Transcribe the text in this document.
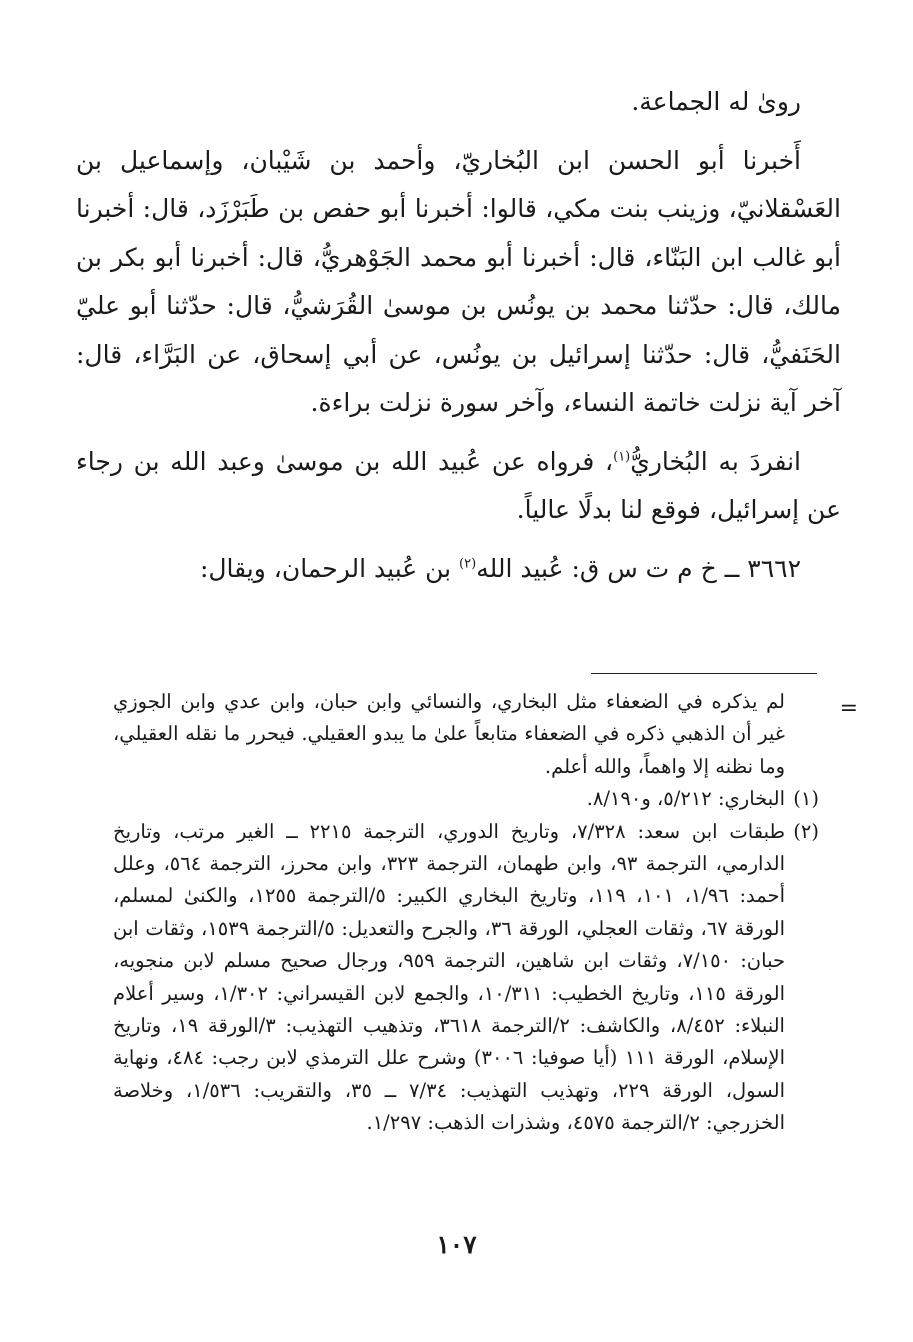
رویٰ له الجماعة.

أَخبرنا أبو الحسن ابن البُخاريّ، وأحمد بن شَيْبان، وإسماعيل بن العَسْقلانيّ، وزينب بنت مكي، قالوا: أخبرنا أبو حفص بن طَبَرْزَد، قال: أخبرنا أبو غالب ابن البَنّاء، قال: أخبرنا أبو محمد الجَوْهريُّ، قال: أخبرنا أبو بكر بن مالك، قال: حدّثنا محمد بن يونُس بن موسىٰ القُرَشيُّ، قال: حدّثنا أبو عليّ الحَنَفيُّ، قال: حدّثنا إسرائيل بن يونُس، عن أبي إسحاق، عن البَرَّاء، قال: آخر آية نزلت خاتمة النساء، وآخر سورة نزلت براءة.

انفردَ به البُخاريُّ$^{(١)}$، فرواه عن عُبيد الله بن موسىٰ وعبد الله بن رجاء عن إسرائيل، فوقع لنا بدلًا عالياً.

٣٦٦٢ ــ خ م ت س ق: عُبيد الله$^{(٢)}$ بن عُبيد الرحمان، ويقال:

=

لم يذكره في الضعفاء مثل البخاري، والنسائي وابن حبان، وابن عدي وابن الجوزي غير أن الذهبي ذكره في الضعفاء متابعاً علىٰ ما يبدو العقيلي. فيحرر ما نقله العقيلي، وما نظنه إلا واهماً، والله أعلم.

(١)
البخاري: ٥/٢١٢، و٨/١٩٠.

(٢)
طبقات ابن سعد: ٧/٣٢٨، وتاريخ الدوري، الترجمة ٢٢١٥ ــ الغير مرتب، وتاريخ الدارمي، الترجمة ٩٣، وابن طهمان، الترجمة ٣٢٣، وابن محرز، الترجمة ٥٦٤، وعلل أحمد: ١/٩٦، ١٠١، ١١٩، وتاريخ البخاري الكبير: ٥/الترجمة ١٢٥٥، والكنىٰ لمسلم، الورقة ٦٧، وثقات العجلي، الورقة ٣٦، والجرح والتعديل: ٥/الترجمة ١٥٣٩، وثقات ابن حبان: ٧/١٥٠، وثقات ابن شاهين، الترجمة ٩٥٩، ورجال صحيح مسلم لابن منجويه، الورقة ١١٥، وتاريخ الخطيب: ١٠/٣١١، والجمع لابن القيسراني: ١/٣٠٢، وسير أعلام النبلاء: ٨/٤٥٢، والكاشف: ٢/الترجمة ٣٦١٨، وتذهيب التهذيب: ٣/الورقة ١٩، وتاريخ الإسلام، الورقة ١١١ (أيا صوفيا: ٣٠٠٦) وشرح علل الترمذي لابن رجب: ٤٨٤، ونهاية السول، الورقة ٢٢٩، وتهذيب التهذيب: ٧/٣٤ ــ ٣٥، والتقريب: ١/٥٣٦، وخلاصة الخزرجي: ٢/الترجمة ٤٥٧٥، وشذرات الذهب: ١/٢٩٧.

١٠٧
